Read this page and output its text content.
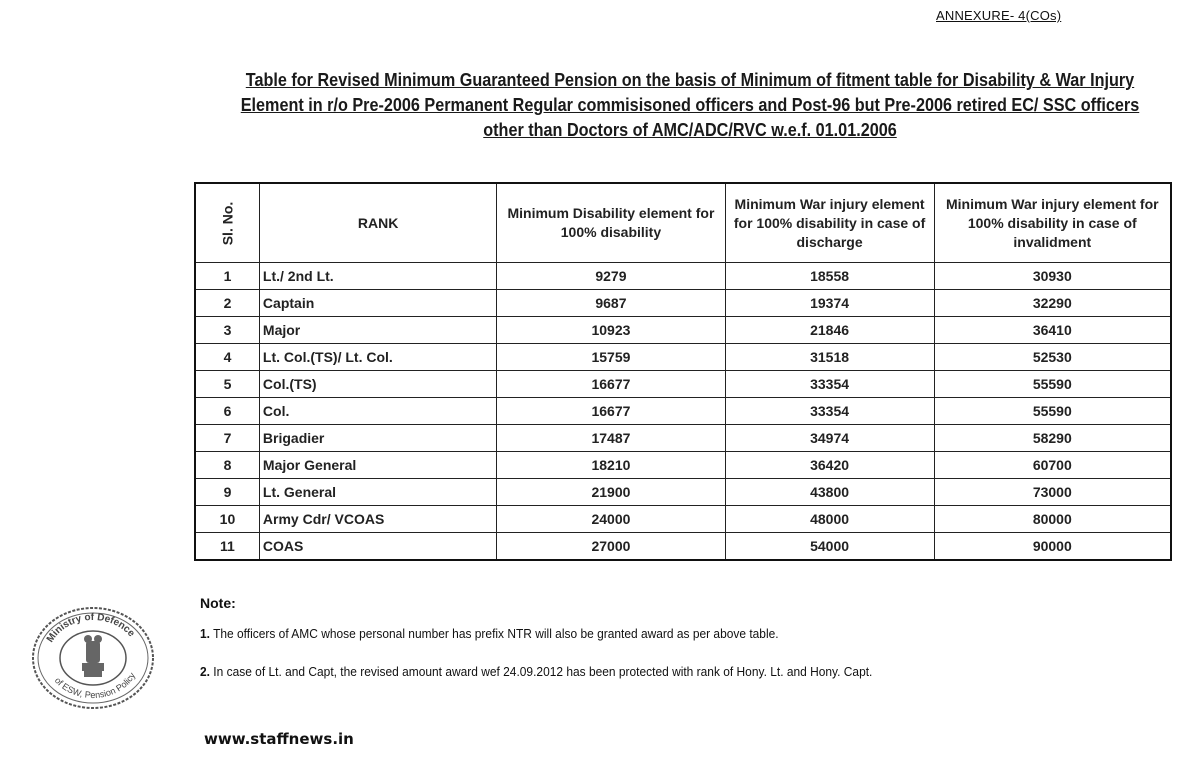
ANNEXURE- 4(COs)
Table for Revised Minimum Guaranteed Pension on the basis of Minimum of fitment table for Disability & War Injury Element in r/o Pre-2006 Permanent Regular commisisoned officers and Post-96 but Pre-2006 retired EC/ SSC officers other than Doctors of AMC/ADC/RVC w.e.f. 01.01.2006
Sl. No.	RANK	Minimum Disability element for 100% disability	Minimum War injury element for 100% disability in case of discharge	Minimum War injury element for 100% disability in case of invalidment
1	Lt./ 2nd Lt.	9279	18558	30930
2	Captain	9687	19374	32290
3	Major	10923	21846	36410
4	Lt. Col.(TS)/ Lt. Col.	15759	31518	52530
5	Col.(TS)	16677	33354	55590
6	Col.	16677	33354	55590
7	Brigadier	17487	34974	58290
8	Major General	18210	36420	60700
9	Lt. General	21900	43800	73000
10	Army Cdr/ VCOAS	24000	48000	80000
11	COAS	27000	54000	90000
Ministry of Defence
of ESW, Pension Policy
Note:
1. The officers of AMC whose personal number has prefix NTR will also be granted award as per above table.
2. In case of Lt. and Capt, the revised amount award wef 24.09.2012 has been protected with rank of Hony. Lt. and Hony. Capt.
www.staffnews.in
